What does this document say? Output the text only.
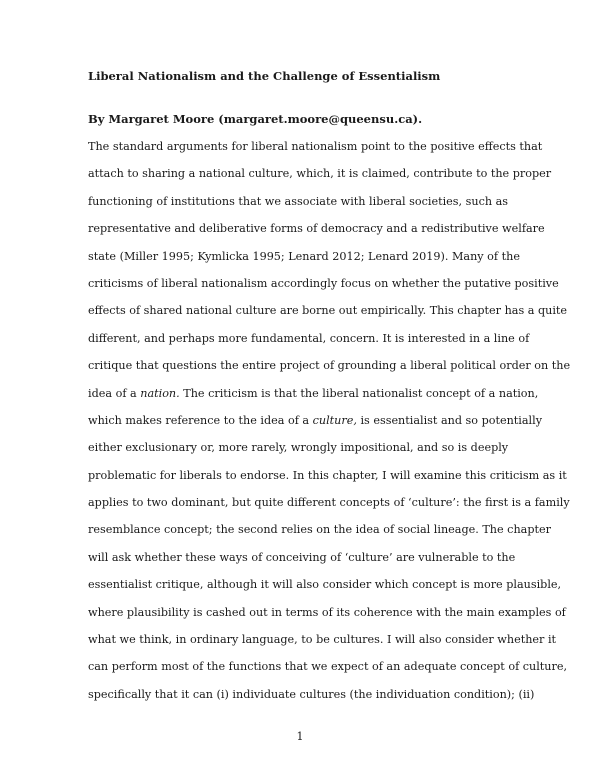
Liberal Nationalism and the Challenge of Essentialism
By Margaret Moore (margaret.moore@queensu.ca).
The standard arguments for liberal nationalism point to the positive effects that
attach to sharing a national culture, which, it is claimed, contribute to the proper
functioning of institutions that we associate with liberal societies, such as
representative and deliberative forms of democracy and a redistributive welfare
state (Miller 1995; Kymlicka 1995; Lenard 2012; Lenard 2019). Many of the
criticisms of liberal nationalism accordingly focus on whether the putative positive
effects of shared national culture are borne out empirically. This chapter has a quite
different, and perhaps more fundamental, concern. It is interested in a line of
critique that questions the entire project of grounding a liberal political order on the
idea of a nation. The criticism is that the liberal nationalist concept of a nation,
which makes reference to the idea of a culture, is essentialist and so potentially
either exclusionary or, more rarely, wrongly impositional, and so is deeply
problematic for liberals to endorse. In this chapter, I will examine this criticism as it
applies to two dominant, but quite different concepts of ‘culture’: the first is a family
resemblance concept; the second relies on the idea of social lineage. The chapter
will ask whether these ways of conceiving of ‘culture’ are vulnerable to the
essentialist critique, although it will also consider which concept is more plausible,
where plausibility is cashed out in terms of its coherence with the main examples of
what we think, in ordinary language, to be cultures. I will also consider whether it
can perform most of the functions that we expect of an adequate concept of culture,
specifically that it can (i) individuate cultures (the individuation condition); (ii)
1
